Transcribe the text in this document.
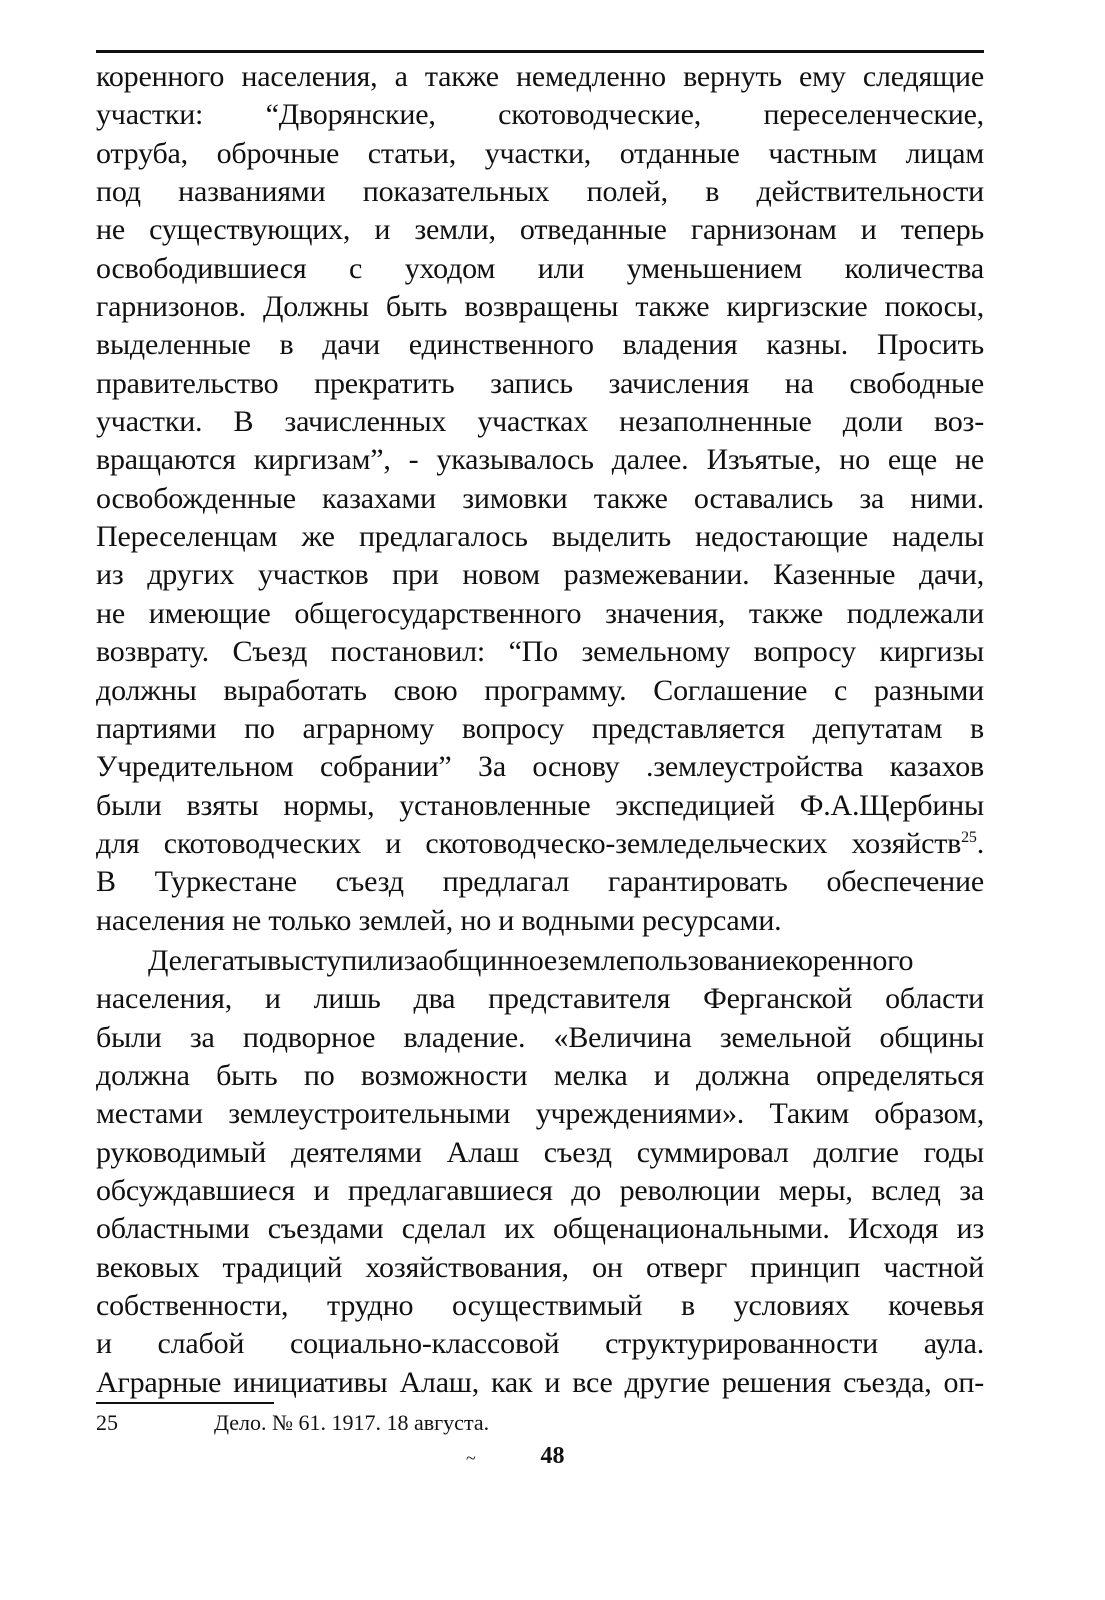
коренного населения, а также немедленно вернуть ему следящие
участки: “Дворянские, скотоводческие, переселенческие,
отруба, оброчные статьи, участки, отданные частным лицам
под названиями показательных полей, в действительности
не существующих, и земли, отведанные гарнизонам и теперь
освободившиеся с уходом или уменьшением количества
гарнизонов. Должны быть возвращены также киргизские покосы,
выделенные в дачи единственного владения казны. Просить
правительство прекратить запись зачисления на свободные
участки. В зачисленных участках незаполненные доли воз-
вращаются киргизам”, - указывалось далее. Изъятые, но еще не
освобожденные казахами зимовки также оставались за ними.
Переселенцам же предлагалось выделить недостающие наделы
из других участков при новом размежевании. Казенные дачи,
не имеющие общегосударственного значения, также подлежали
возврату. Съезд постановил: “По земельному вопросу киргизы
должны выработать свою программу. Соглашение с разными
партиями по аграрному вопросу представляется депутатам в
Учредительном собрании” За основу .землеустройства казахов
были взяты нормы, установленные экспедицией Ф.А.Щербины
для скотоводческих и скотоводческо-земледельческих хозяйств$^{25}$.
В Туркестане съезд предлагал гарантировать обеспечение
населения не только землей, но и водными ресурсами.
Делегатывыступилизаобщинноеземлепользованиекоренного
населения, и лишь два представителя Ферганской области
были за подворное владение. «Величина земельной общины
должна быть по возможности мелка и должна определяться
местами землеустроительными учреждениями». Таким образом,
руководимый деятелями Алаш съезд суммировал долгие годы
обсуждавшиеся и предлагавшиеся до революции меры, вслед за
областными съездами сделал их общенациональными. Исходя из
вековых традиций хозяйствования, он отверг принцип частной
собственности, трудно осуществимый в условиях кочевья
и слабой социально-классовой структурированности аула.
Аграрные инициативы Алаш, как и все другие решения съезда, оп-
25	Дело. № 61. 1917. 18 августа.
~	48
